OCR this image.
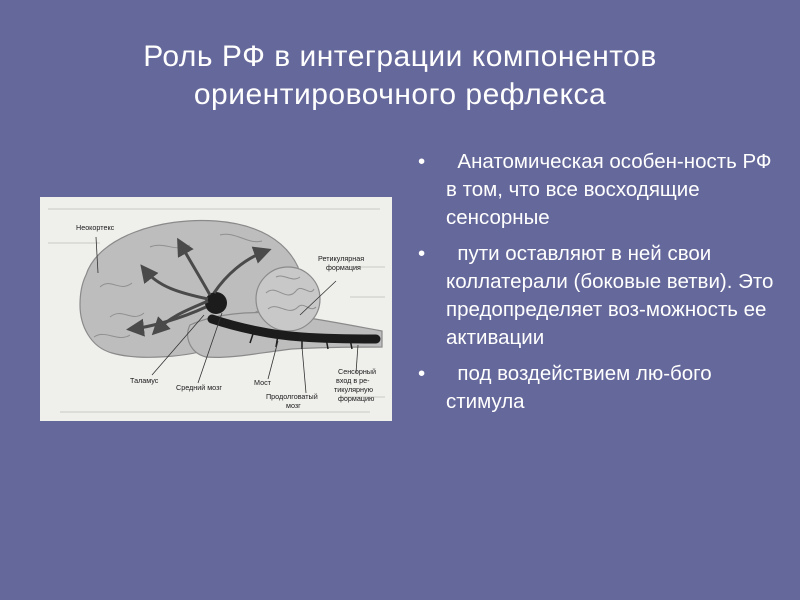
Роль РФ в интеграции компонентов
ориентировочного рефлекса
Неокортекс
Ретикулярная
формация
Таламус
Средний мозг
Мост
Продолговатый
мозг
Сенсорный
вход в ре-
тикулярную
формацию
• Анатомическая особен-ность РФ в том, что все восходящие сенсорные
• пути оставляют в ней свои коллатерали (боковые ветви). Это предопределяет воз-можность ее активации
• под воздействием лю-бого стимула
